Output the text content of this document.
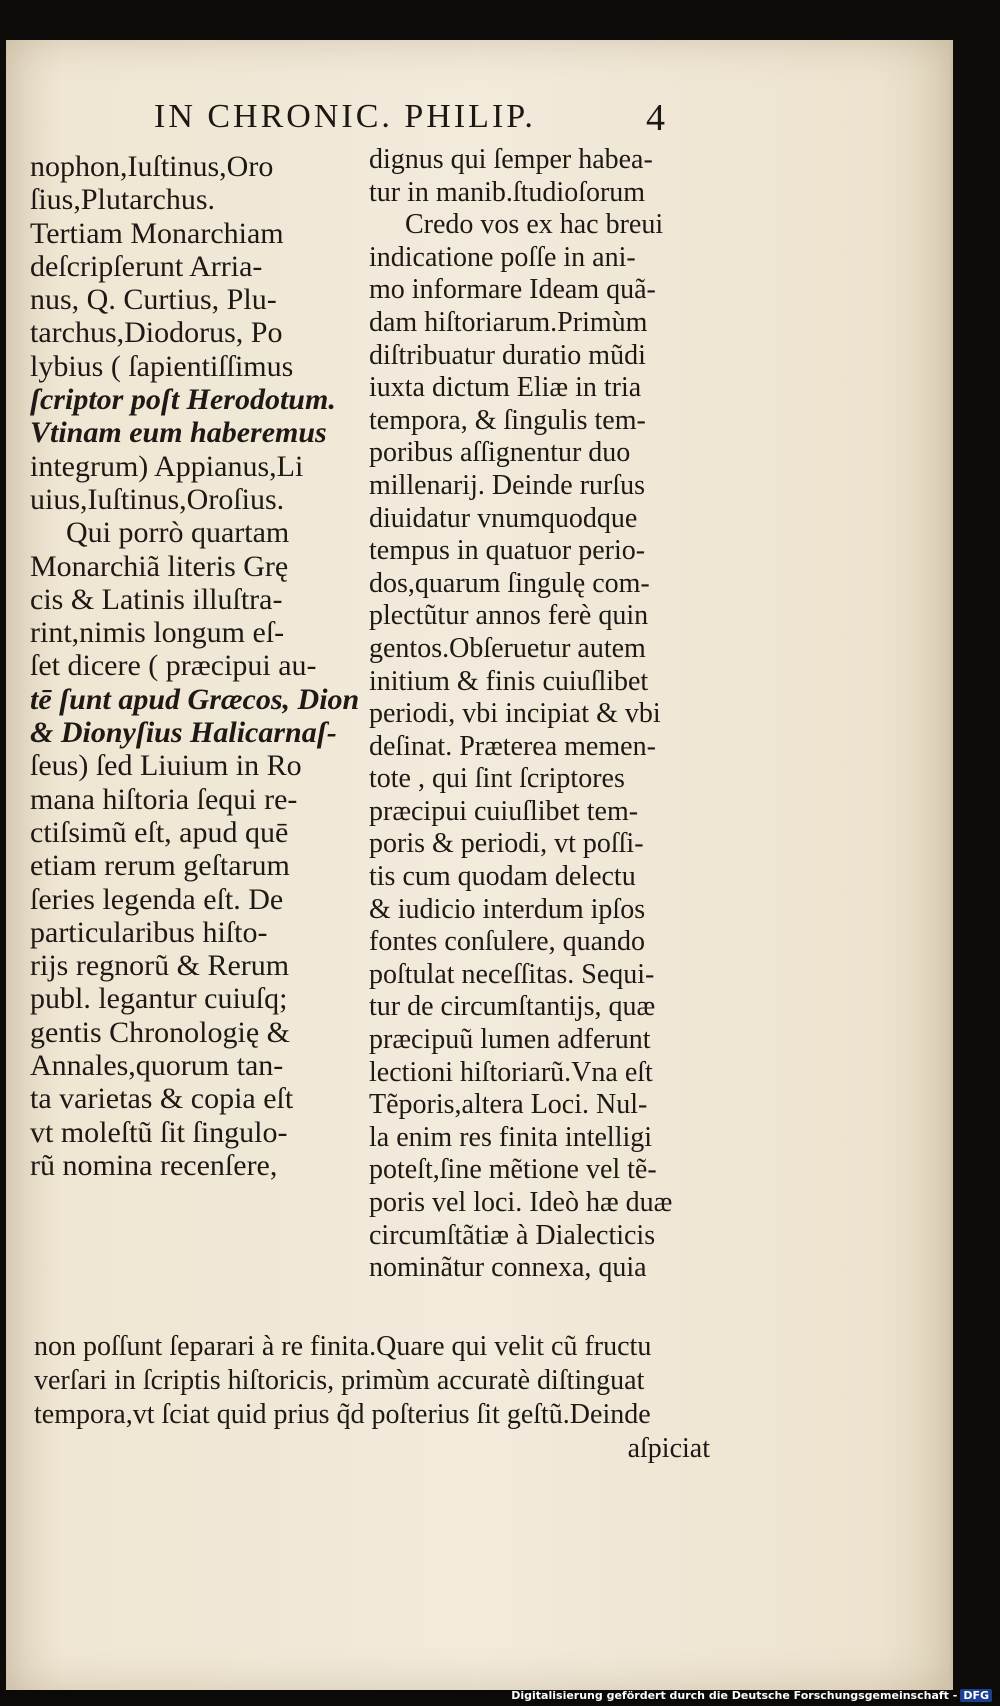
IN CHRONIC. PHILIP.	4
nophon,Iuſtinus,Oro
ſius,Plutarchus.
Tertiam Monarchiam
deſcripſerunt Arria-
nus, Q. Curtius, Plu-
tarchus,Diodorus, Po
lybius ( ſapientiſſimus
ſcriptor poſt Herodotum.
Vtinam eum haberemus
integrum) Appianus,Li
uius,Iuſtinus,Oroſius.
Qui porrò quartam
Monarchiã literis Grę
cis & Latinis illuſtra-
rint,nimis longum eſ-
ſet dicere ( præcipui au-
tē ſunt apud Græcos, Dion
& Dionyſius Halicarnaſ-
ſeus) ſed Liuium in Ro
mana hiſtoria ſequi re-
ctiſsimũ eſt, apud quē
etiam rerum geſtarum
ſeries legenda eſt. De
particularibus hiſto-
rijs regnorũ & Rerum
publ. legantur cuiuſq;
gentis Chronologię &
Annales,quorum tan-
ta varietas & copia eſt
vt moleſtũ ſit ſingulo-
rũ nomina recenſere,
dignus qui ſemper habea-
tur in manib.ſtudioſorum
Credo vos ex hac breui
indicatione poſſe in ani-
mo informare Ideam quã-
dam hiſtoriarum.Primùm
diſtribuatur duratio mũdi
iuxta dictum Eliæ in tria
tempora, & ſingulis tem-
poribus aſſignentur duo
millenarij. Deinde rurſus
diuidatur vnumquodque
tempus in quatuor perio-
dos,quarum ſingulę com-
plectũtur annos ferè quin
gentos.Obſeruetur autem
initium & finis cuiuſlibet
periodi, vbi incipiat & vbi
deſinat. Præterea memen-
tote , qui ſint ſcriptores
præcipui cuiuſlibet tem-
poris & periodi, vt poſſi-
tis cum quodam delectu
& iudicio interdum ipſos
fontes conſulere, quando
poſtulat neceſſitas. Sequi-
tur de circumſtantijs, quæ
præcipuũ lumen adferunt
lectioni hiſtoriarũ.Vna eſt
Tẽporis,altera Loci. Nul-
la enim res finita intelligi
poteſt,ſine mẽtione vel tẽ-
poris vel loci. Ideò hæ duæ
circumſtãtiæ à Dialecticis
nominãtur connexa, quia
non poſſunt ſeparari à re finita.Quare qui velit cũ fructu
verſari in ſcriptis hiſtoricis, primùm accuratè diſtinguat
tempora,vt ſciat quid prius q̃d poſterius ſit geſtũ.Deinde
aſpiciat
Digitalisierung gefördert durch die Deutsche Forschungsgemeinschaft - DFG
